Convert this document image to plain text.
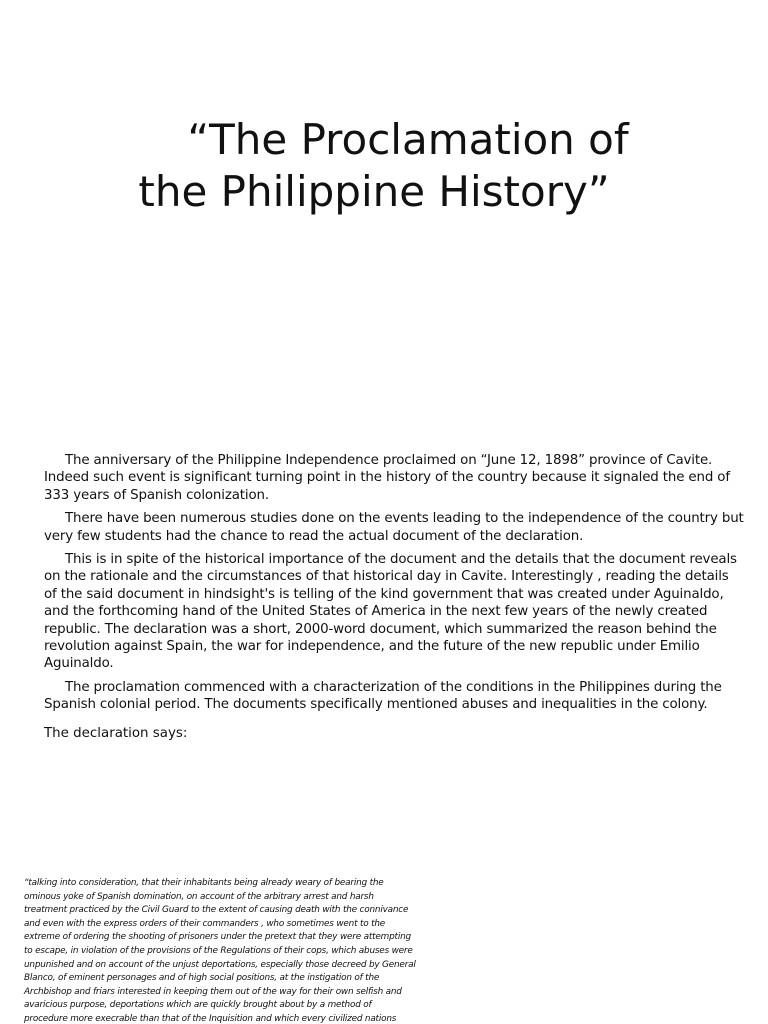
“The Proclamation of
the Philippine History”

The anniversary of the Philippine Independence proclaimed on “June 12, 1898” province of Cavite. Indeed such event is significant turning point in the history of the country because it signaled the end of 333 years of Spanish colonization.

There have been numerous studies done on the events leading to the independence of the country but very few students had the chance to read the actual document of the declaration.

This is in spite of the historical importance of the document and the details that the document reveals on the rationale and the circumstances of that historical day in Cavite. Interestingly , reading the details of the said document in hindsight's is telling of the kind government that was created under Aguinaldo, and the forthcoming hand of the United States of America in the next few years of the newly created republic. The declaration was a short, 2000-word document, which summarized the reason behind the revolution against Spain, the war for independence, and the future of the new republic under Emilio Aguinaldo.

The proclamation commenced with a characterization of the conditions in the Philippines during the Spanish colonial period. The documents specifically mentioned abuses and inequalities in the colony.

The declaration says:

“talking into consideration, that their inhabitants being already weary of bearing the
ominous yoke of Spanish domination, on account of the arbitrary arrest and harsh
treatment practiced by the Civil Guard to the extent of causing death with the connivance
and even with the express orders of their commanders , who sometimes went to the
extreme of ordering the shooting of prisoners under the pretext that they were attempting
to escape, in violation of the provisions of the Regulations of their cops, which abuses were
unpunished and on account of the unjust deportations, especially those decreed by General
Blanco, of eminent personages and of high social positions, at the instigation of the
Archbishop and friars interested in keeping them out of the way for their own selfish and
avaricious purpose, deportations which are quickly brought about by a method of
procedure more execrable than that of the Inquisition and which every civilized nations
